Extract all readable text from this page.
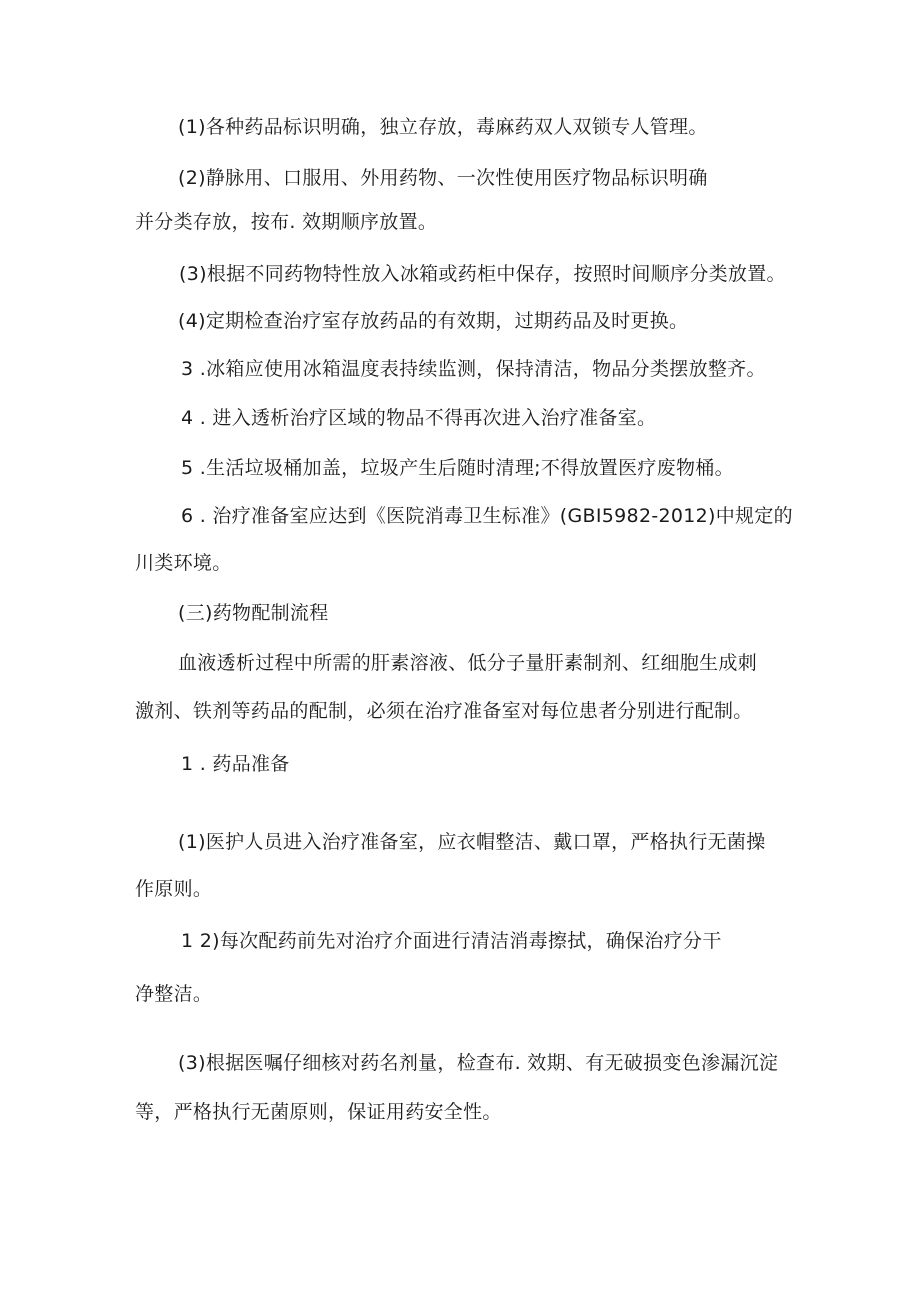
(1)各种药品标识明确，独立存放，毒麻药双人双锁专人管理。
(2)静脉用、口服用、外用药物、一次性使用医疗物品标识明确
并分类存放，按布. 效期顺序放置。
(3)根据不同药物特性放入冰箱或药柜中保存，按照时间顺序分类放置。
(4)定期检查治疗室存放药品的有效期，过期药品及时更换。
3 .冰箱应使用冰箱温度表持续监测，保持清洁，物品分类摆放整齐。
4 . 进入透析治疗区域的物品不得再次进入治疗准备室。
5 .生活垃圾桶加盖，垃圾产生后随时清理;不得放置医疗废物桶。
6 . 治疗准备室应达到《医院消毒卫生标准》(GBI5982-2012)中规定的
川类环境。
(三)药物配制流程
血液透析过程中所需的肝素溶液、低分子量肝素制剂、红细胞生成刺
激剂、铁剂等药品的配制，必须在治疗准备室对每位患者分别进行配制。
1 . 药品准备
(1)医护人员进入治疗准备室，应衣帽整洁、戴口罩，严格执行无菌操
作原则。
1 2)每次配药前先对治疗介面进行清洁消毒擦拭，确保治疗分干
净整洁。
(3)根据医嘱仔细核对药名剂量，检查布. 效期、有无破损变色渗漏沉淀
等，严格执行无菌原则，保证用药安全性。
